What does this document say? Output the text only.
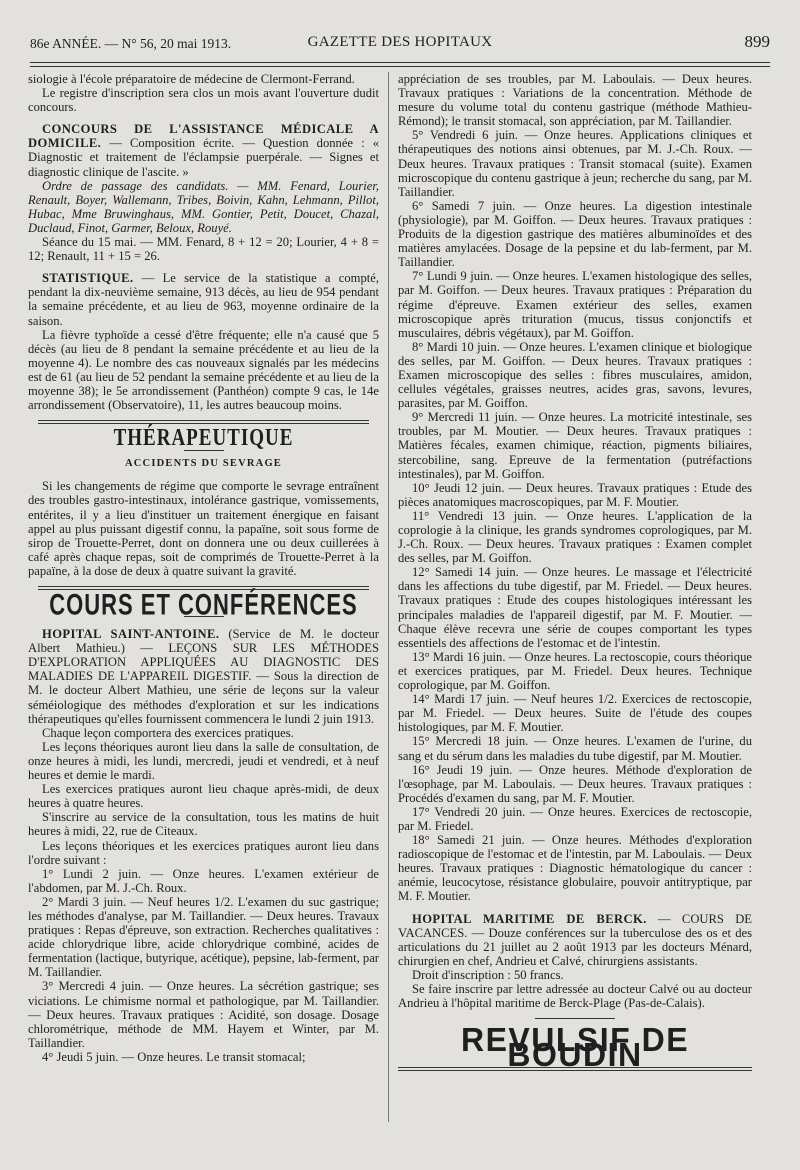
86e ANNÉE. — N° 56, 20 mai 1913.	GAZETTE DES HOPITAUX	899

siologie à l'école préparatoire de médecine de Clermont-Ferrand.

Le registre d'inscription sera clos un mois avant l'ouverture dudit concours.

CONCOURS DE L'ASSISTANCE MÉDICALE A DOMICILE. — Composition écrite. — Question donnée : « Diagnostic et traitement de l'éclampsie puerpérale. — Signes et diagnostic clinique de l'ascite. »

Ordre de passage des candidats. — MM. Fenard, Lourier, Renault, Boyer, Wallemann, Tribes, Boivin, Kahn, Lehmann, Pillot, Hubac, Mme Bruwinghaus, MM. Gontier, Petit, Doucet, Chazal, Duclaud, Finot, Garmer, Beloux, Rouyé.

Séance du 15 mai. — MM. Fenard, 8 + 12 = 20; Lourier, 4 + 8 = 12; Renault, 11 + 15 = 26.

STATISTIQUE. — Le service de la statistique a compté, pendant la dix-neuvième semaine, 913 décès, au lieu de 954 pendant la semaine précédente, et au lieu de 963, moyenne ordinaire de la saison.

La fièvre typhoïde a cessé d'être fréquente; elle n'a causé que 5 décès (au lieu de 8 pendant la semaine précédente et au lieu de la moyenne 4). Le nombre des cas nouveaux signalés par les médecins est de 61 (au lieu de 52 pendant la semaine précédente et au lieu de la moyenne 38); le 5e arrondissement (Panthéon) compte 9 cas, le 14e arrondissement (Observatoire), 11, les autres beaucoup moins.

THÉRAPEUTIQUE
ACCIDENTS DU SEVRAGE

Si les changements de régime que comporte le sevrage entraînent des troubles gastro-intestinaux, intolérance gastrique, vomissements, entérites, il y a lieu d'instituer un traitement énergique en faisant appel au plus puissant digestif connu, la papaïne, soit sous forme de sirop de Trouette-Perret, dont on donnera une ou deux cuillerées à café après chaque repas, soit de comprimés de Trouette-Perret à la papaïne, à la dose de deux à quatre suivant la gravité.

COURS ET CONFÉRENCES

HOPITAL SAINT-ANTOINE. (Service de M. le docteur Albert Mathieu.) — LEÇONS SUR LES MÉTHODES D'EXPLORATION APPLIQUÉES AU DIAGNOSTIC DES MALADIES DE L'APPAREIL DIGESTIF. — Sous la direction de M. le docteur Albert Mathieu, une série de leçons sur la valeur séméiologique des méthodes d'exploration et sur les indications thérapeutiques qu'elles fournissent commencera le lundi 2 juin 1913.

Chaque leçon comportera des exercices pratiques.

Les leçons théoriques auront lieu dans la salle de consultation, de onze heures à midi, les lundi, mercredi, jeudi et vendredi, et à neuf heures et demie le mardi.

Les exercices pratiques auront lieu chaque après-midi, de deux heures à quatre heures.

S'inscrire au service de la consultation, tous les matins de huit heures à midi, 22, rue de Citeaux.

Les leçons théoriques et les exercices pratiques auront lieu dans l'ordre suivant :

1° Lundi 2 juin. — Onze heures. L'examen extérieur de l'abdomen, par M. J.-Ch. Roux.

2° Mardi 3 juin. — Neuf heures 1/2. L'examen du suc gastrique; les méthodes d'analyse, par M. Taillandier. — Deux heures. Travaux pratiques : Repas d'épreuve, son extraction. Recherches qualitatives : acide chlorydrique libre, acide chlorydrique combiné, acides de fermentation (lactique, butyrique, acétique), pepsine, lab-ferment, par M. Taillandier.

3° Mercredi 4 juin. — Onze heures. La sécrétion gastrique; ses viciations. Le chimisme normal et pathologique, par M. Taillandier. — Deux heures. Travaux pratiques : Acidité, son dosage. Dosage chlorométrique, méthode de MM. Hayem et Winter, par M. Taillandier.

4° Jeudi 5 juin. — Onze heures. Le transit stomacal;

appréciation de ses troubles, par M. Laboulais. — Deux heures. Travaux pratiques : Variations de la concentration. Méthode de mesure du volume total du contenu gastrique (méthode Mathieu-Rémond); le transit stomacal, son appréciation, par M. Taillandier.

5° Vendredi 6 juin. — Onze heures. Applications cliniques et thérapeutiques des notions ainsi obtenues, par M. J.-Ch. Roux. — Deux heures. Travaux pratiques : Transit stomacal (suite). Examen microscopique du contenu gastrique à jeun; recherche du sang, par M. Taillandier.

6° Samedi 7 juin. — Onze heures. La digestion intestinale (physiologie), par M. Goiffon. — Deux heures. Travaux pratiques : Produits de la digestion gastrique des matières albuminoïdes et des matières amylacées. Dosage de la pepsine et du lab-ferment, par M. Taillandier.

7° Lundi 9 juin. — Onze heures. L'examen histologique des selles, par M. Goiffon. — Deux heures. Travaux pratiques : Préparation du régime d'épreuve. Examen extérieur des selles, examen microscopique après trituration (mucus, tissus conjonctifs et musculaires, débris végétaux), par M. Goiffon.

8° Mardi 10 juin. — Onze heures. L'examen clinique et biologique des selles, par M. Goiffon. — Deux heures. Travaux pratiques : Examen microscopique des selles : fibres musculaires, amidon, cellules végétales, graisses neutres, acides gras, savons, levures, parasites, par M. Goiffon.

9° Mercredi 11 juin. — Onze heures. La motricité intestinale, ses troubles, par M. Moutier. — Deux heures. Travaux pratiques : Matières fécales, examen chimique, réaction, pigments biliaires, stercobiline, sang. Epreuve de la fermentation (putréfactions intestinales), par M. Goiffon.

10° Jeudi 12 juin. — Deux heures. Travaux pratiques : Etude des pièces anatomiques macroscopiques, par M. F. Moutier.

11° Vendredi 13 juin. — Onze heures. L'application de la coprologie à la clinique, les grands syndromes coprologiques, par M. J.-Ch. Roux. — Deux heures. Travaux pratiques : Examen complet des selles, par M. Goiffon.

12° Samedi 14 juin. — Onze heures. Le massage et l'électricité dans les affections du tube digestif, par M. Friedel. — Deux heures. Travaux pratiques : Etude des coupes histologiques intéressant les principales maladies de l'appareil digestif, par M. F. Moutier. — Chaque élève recevra une série de coupes comportant les types essentiels des affections de l'estomac et de l'intestin.

13° Mardi 16 juin. — Onze heures. La rectoscopie, cours théorique et exercices pratiques, par M. Friedel. Deux heures. Technique coprologique, par M. Goiffon.

14° Mardi 17 juin. — Neuf heures 1/2. Exercices de rectoscopie, par M. Friedel. — Deux heures. Suite de l'étude des coupes histologiques, par M. F. Moutier.

15° Mercredi 18 juin. — Onze heures. L'examen de l'urine, du sang et du sérum dans les maladies du tube digestif, par M. Moutier.

16° Jeudi 19 juin. — Onze heures. Méthode d'exploration de l'œsophage, par M. Laboulais. — Deux heures. Travaux pratiques : Procédés d'examen du sang, par M. F. Moutier.

17° Vendredi 20 juin. — Onze heures. Exercices de rectoscopie, par M. Friedel.

18° Samedi 21 juin. — Onze heures. Méthodes d'exploration radioscopique de l'estomac et de l'intestin, par M. Laboulais. — Deux heures. Travaux pratiques : Diagnostic hématologique du cancer : anémie, leucocytose, résistance globulaire, pouvoir antitryptique, par M. F. Moutier.

HOPITAL MARITIME DE BERCK. — COURS DE VACANCES. — Douze conférences sur la tuberculose des os et des articulations du 21 juillet au 2 août 1913 par les docteurs Ménard, chirurgien en chef, Andrieu et Calvé, chirurgiens assistants.

Droit d'inscription : 50 francs.

Se faire inscrire par lettre adressée au docteur Calvé ou au docteur Andrieu à l'hôpital maritime de Berck-Plage (Pas-de-Calais).

REVULSIF DE BOUDIN
